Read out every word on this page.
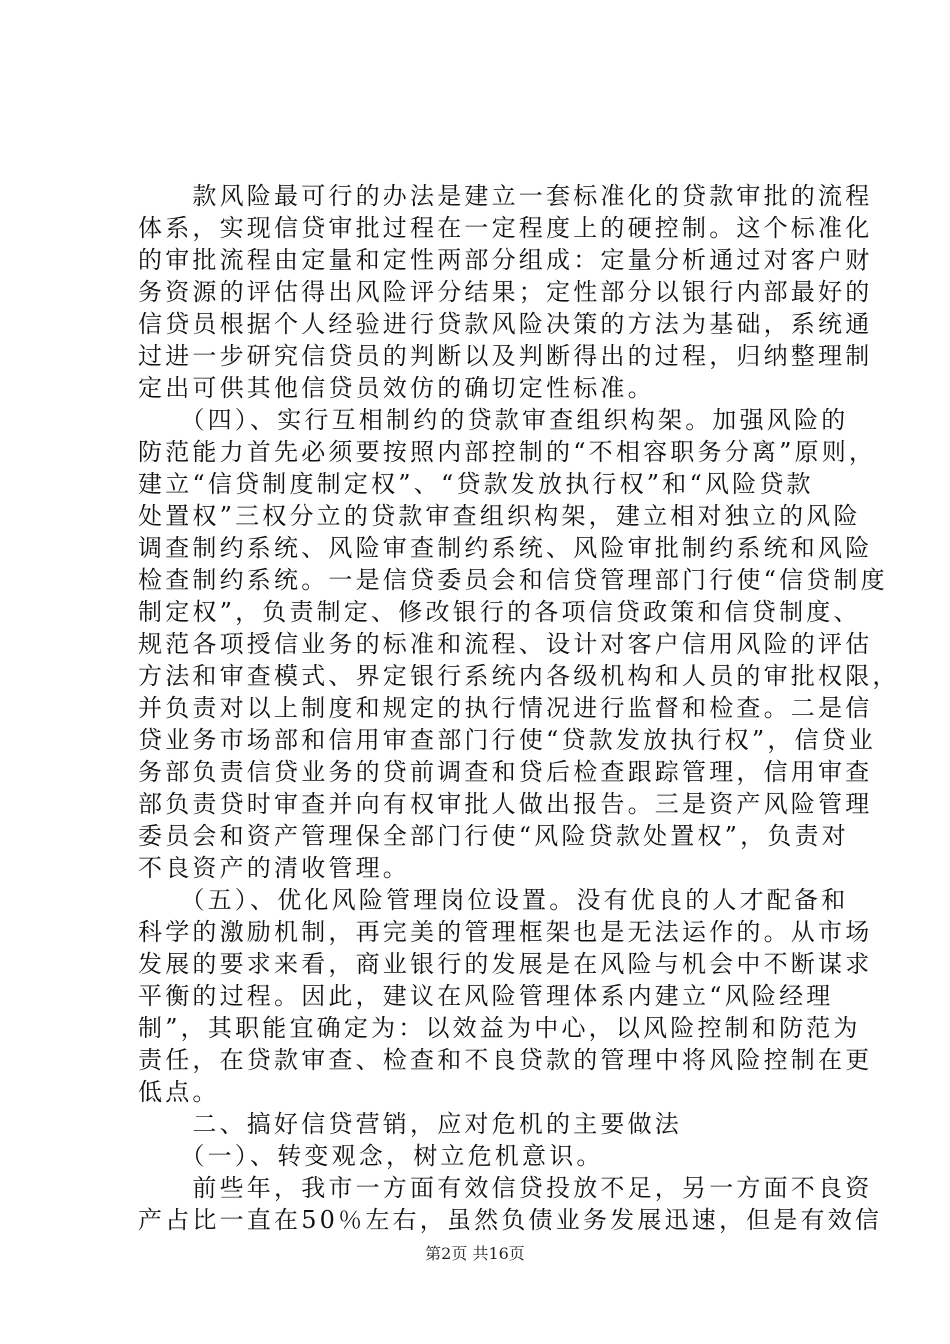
　　款风险最可行的办法是建立一套标准化的贷款审批的流程
体系，实现信贷审批过程在一定程度上的硬控制。这个标准化
的审批流程由定量和定性两部分组成：定量分析通过对客户财
务资源的评估得出风险评分结果；定性部分以银行内部最好的
信贷员根据个人经验进行贷款风险决策的方法为基础，系统通
过进一步研究信贷员的判断以及判断得出的过程，归纳整理制
定出可供其他信贷员效仿的确切定性标准。
　　（四）、实行互相制约的贷款审查组织构架。加强风险的
防范能力首先必须要按照内部控制的“不相容职务分离”原则，
建立“信贷制度制定权”、“贷款发放执行权”和“风险贷款
处置权”三权分立的贷款审查组织构架，建立相对独立的风险
调查制约系统、风险审查制约系统、风险审批制约系统和风险
检查制约系统。一是信贷委员会和信贷管理部门行使“信贷制度
制定权”，负责制定、修改银行的各项信贷政策和信贷制度、
规范各项授信业务的标准和流程、设计对客户信用风险的评估
方法和审查模式、界定银行系统内各级机构和人员的审批权限，
并负责对以上制度和规定的执行情况进行监督和检查。二是信
贷业务市场部和信用审查部门行使“贷款发放执行权”，信贷业
务部负责信贷业务的贷前调查和贷后检查跟踪管理，信用审查
部负责贷时审查并向有权审批人做出报告。三是资产风险管理
委员会和资产管理保全部门行使“风险贷款处置权”，负责对
不良资产的清收管理。
　　（五）、优化风险管理岗位设置。没有优良的人才配备和
科学的激励机制，再完美的管理框架也是无法运作的。从市场
发展的要求来看，商业银行的发展是在风险与机会中不断谋求
平衡的过程。因此，建议在风险管理体系内建立“风险经理
制”，其职能宜确定为：以效益为中心，以风险控制和防范为
责任，在贷款审查、检查和不良贷款的管理中将风险控制在更
低点。
　　二、搞好信贷营销，应对危机的主要做法
　　（一）、转变观念，树立危机意识。
　　前些年，我市一方面有效信贷投放不足，另一方面不良资
产占比一直在50％左右，虽然负债业务发展迅速，但是有效信
第2页 共16页
